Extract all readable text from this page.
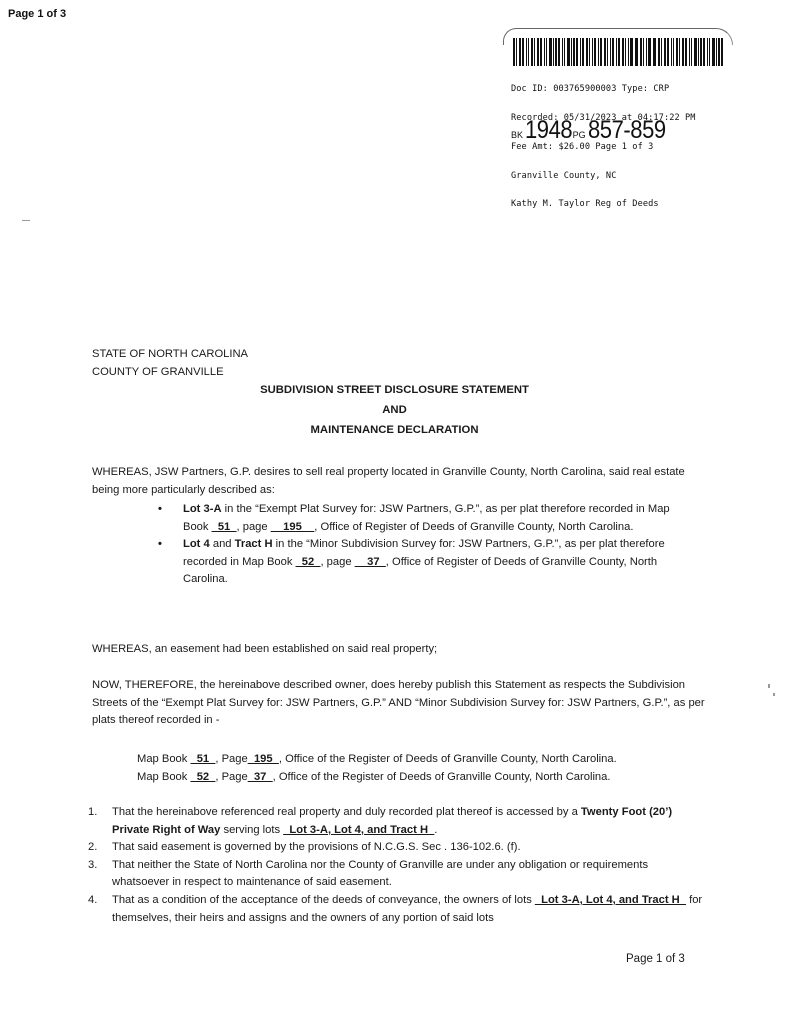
Page 1 of 3

Doc ID: 003765900003 Type: CRP

Recorded: 05/31/2023 at 04:17:22 PM

Fee Amt: $26.00 Page 1 of 3

Granville County, NC

Kathy M. Taylor Reg of Deeds

BK 1948 PG 857-859
STATE OF NORTH CAROLINA
COUNTY OF GRANVILLE
SUBDIVISION STREET DISCLOSURE STATEMENT
AND
MAINTENANCE DECLARATION
WHEREAS, JSW Partners, G.P. desires to sell real property located in Granville County, North Carolina, said real estate being more particularly described as:
• Lot 3-A in the “Exempt Plat Survey for: JSW Partners, G.P.”, as per plat therefore recorded in Map Book _51_, page __195__, Office of Register of Deeds of Granville County, North Carolina.
• Lot 4 and Tract H in the “Minor Subdivision Survey for: JSW Partners, G.P.”, as per plat therefore recorded in Map Book _52_, page __37_, Office of Register of Deeds of Granville County, North Carolina.
WHEREAS, an easement had been established on said real property;
NOW, THEREFORE, the hereinabove described owner, does hereby publish this Statement as respects the Subdivision Streets of the “Exempt Plat Survey for: JSW Partners, G.P.” AND “Minor Subdivision Survey for: JSW Partners, G.P.”, as per plats thereof recorded in -
Map Book _51_, Page_195_, Office of the Register of Deeds of Granville County, North Carolina.
Map Book _52_, Page_37_, Office of the Register of Deeds of Granville County, North Carolina.
1. That the hereinabove referenced real property and duly recorded plat thereof is accessed by a Twenty Foot (20’) Private Right of Way serving lots _Lot 3-A, Lot 4, and Tract H_.
2. That said easement is governed by the provisions of N.C.G.S. Sec . 136-102.6. (f).
3. That neither the State of North Carolina nor the County of Granville are under any obligation or requirements whatsoever in respect to maintenance of said easement.
4. That as a condition of the acceptance of the deeds of conveyance, the owners of lots _Lot 3-A, Lot 4, and Tract H_ for themselves, their heirs and assigns and the owners of any portion of said lots
Page 1 of 3
